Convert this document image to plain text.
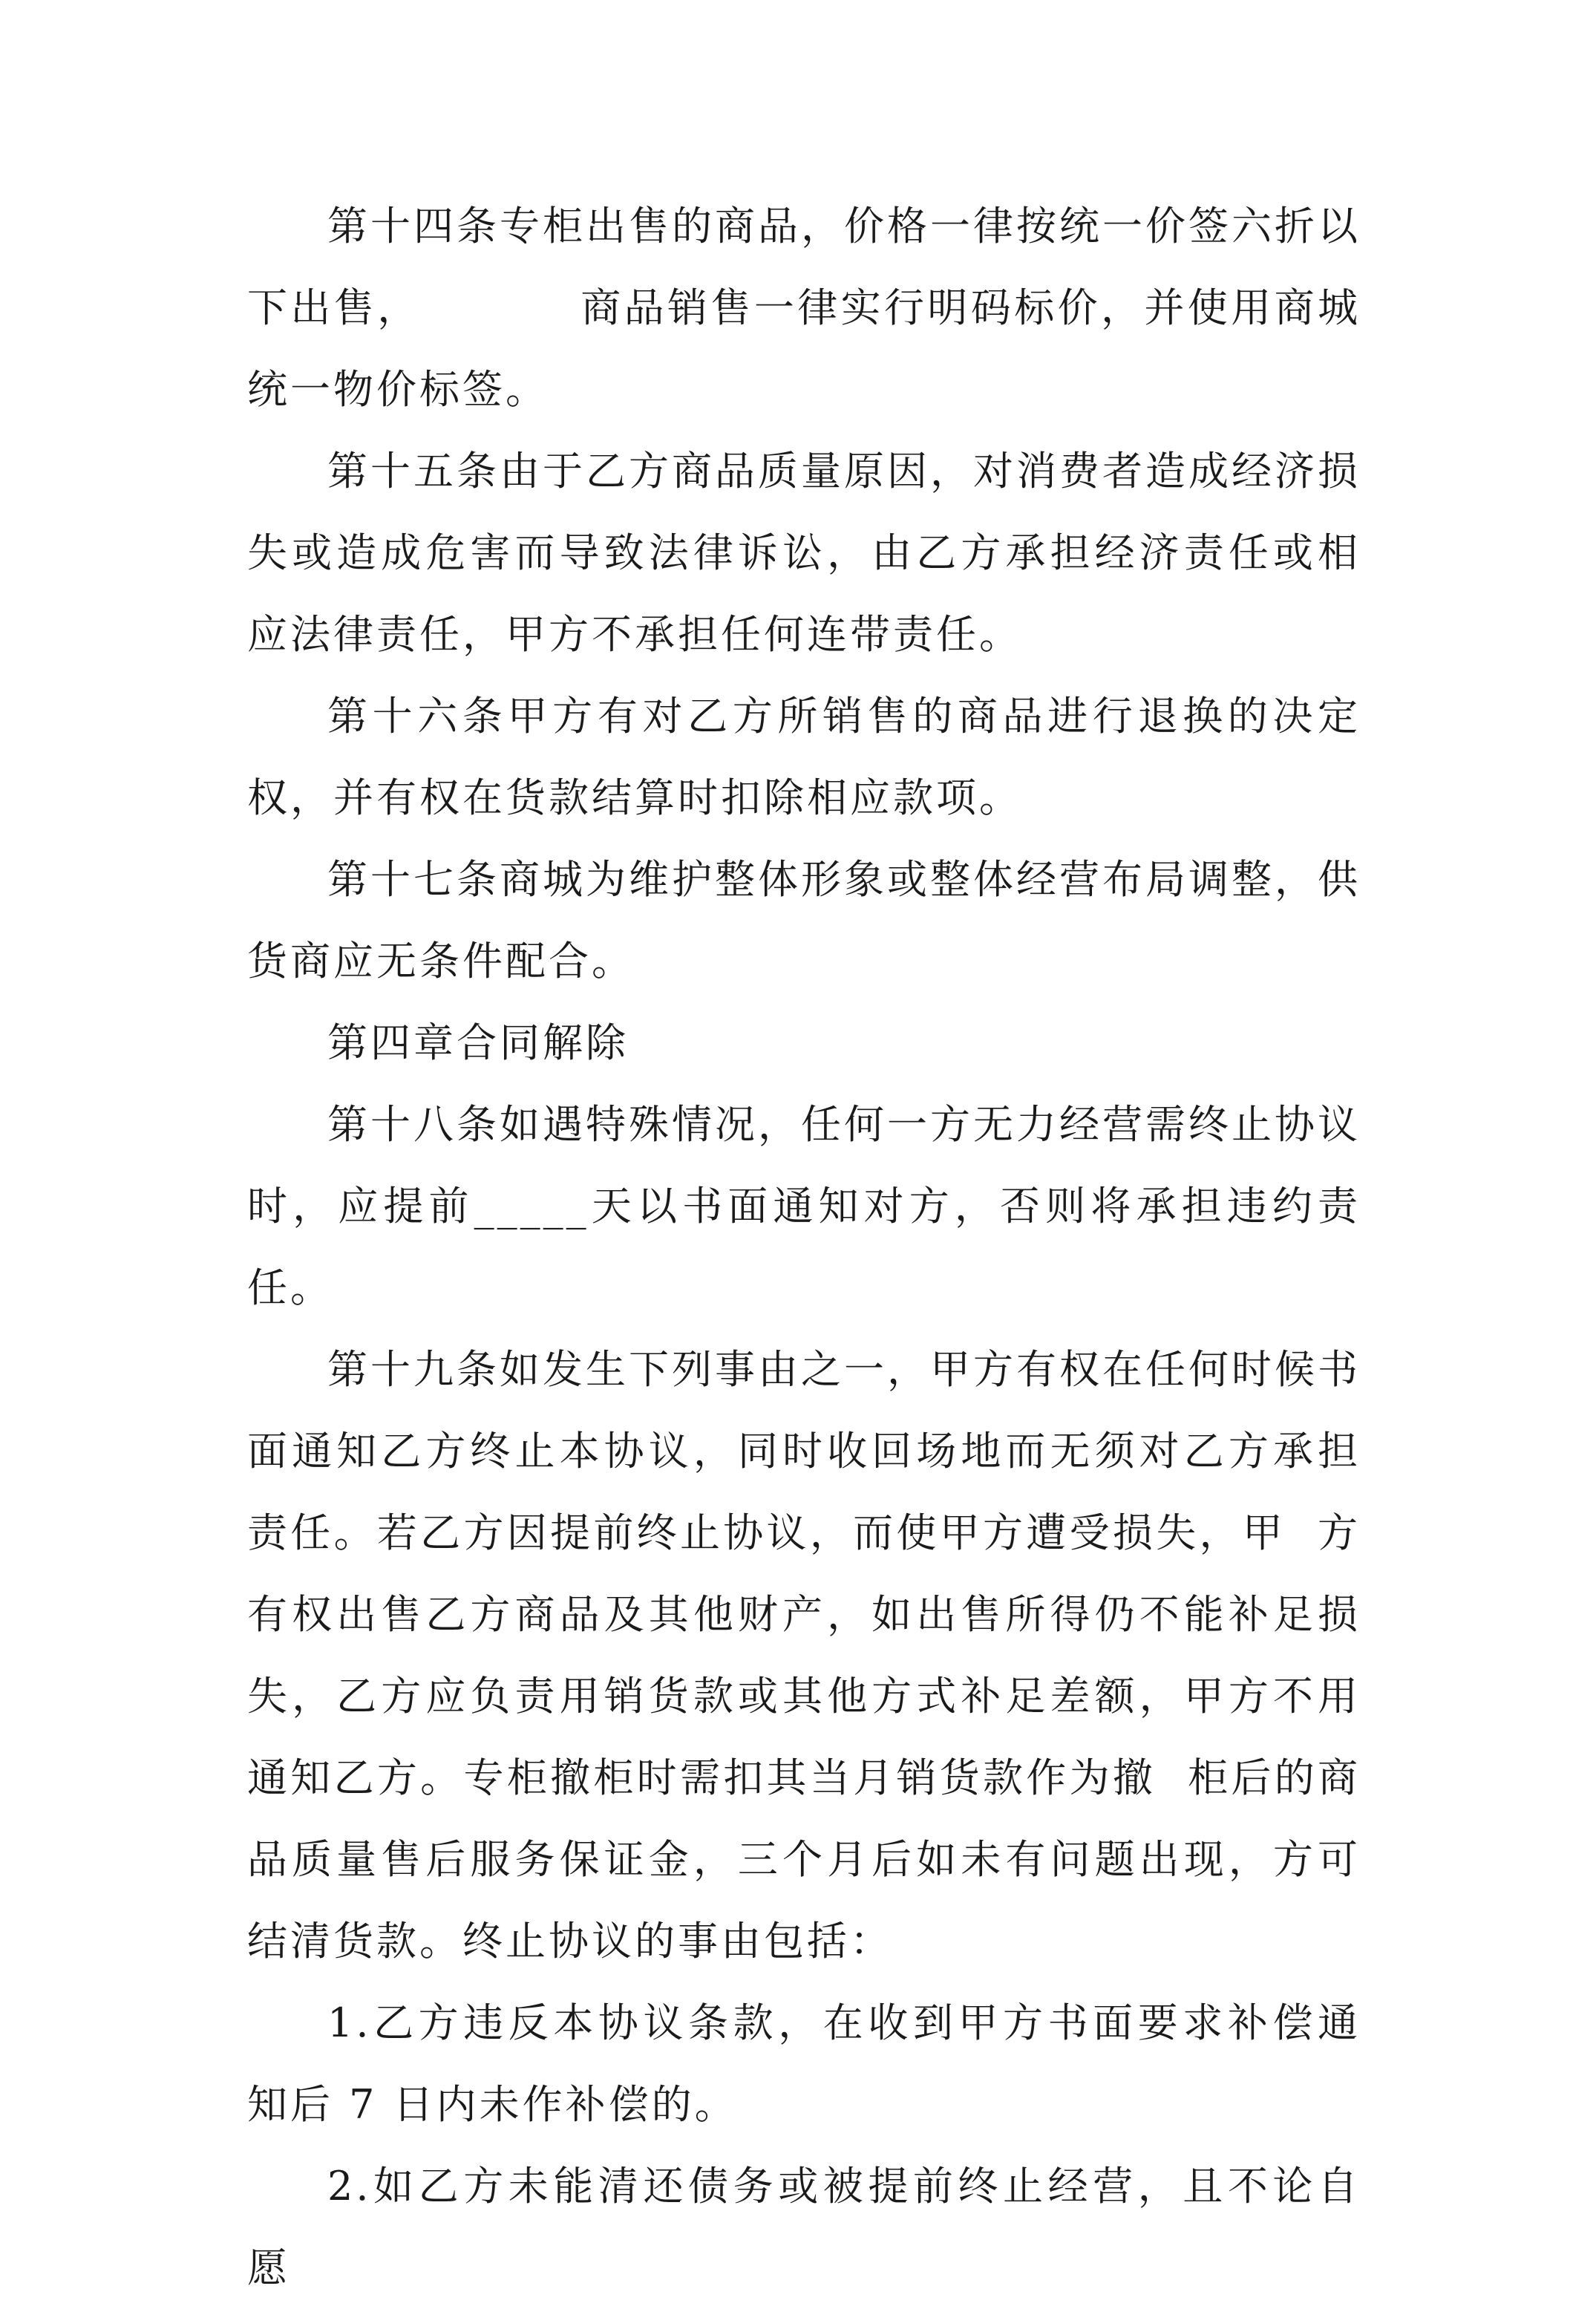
第十四条专柜出售的商品，价格一律按统一价签六折以下出售，          商品销售一律实行明码标价，并使用商城统一物价标签。

第十五条由于乙方商品质量原因，对消费者造成经济损失或造成危害而导致法律诉讼，由乙方承担经济责任或相应法律责任，甲方不承担任何连带责任。

第十六条甲方有对乙方所销售的商品进行退换的决定权，并有权在货款结算时扣除相应款项。

第十七条商城为维护整体形象或整体经营布局调整，供货商应无条件配合。

第四章合同解除

第十八条如遇特殊情况，任何一方无力经营需终止协议时，应提前_____天以书面通知对方，否则将承担违约责任。

第十九条如发生下列事由之一，甲方有权在任何时候书面通知乙方终止本协议，同时收回场地而无须对乙方承担责任。若乙方因提前终止协议，而使甲方遭受损失，甲  方有权出售乙方商品及其他财产，如出售所得仍不能补足损失，乙方应负责用销货款或其他方式补足差额，甲方不用通知乙方。专柜撤柜时需扣其当月销货款作为撤  柜后的商品质量售后服务保证金，三个月后如未有问题出现，方可结清货款。终止协议的事由包括：

1.乙方违反本协议条款，在收到甲方书面要求补偿通知后 7 日内未作补偿的。

2.如乙方未能清还债务或被提前终止经营，且不论自愿
